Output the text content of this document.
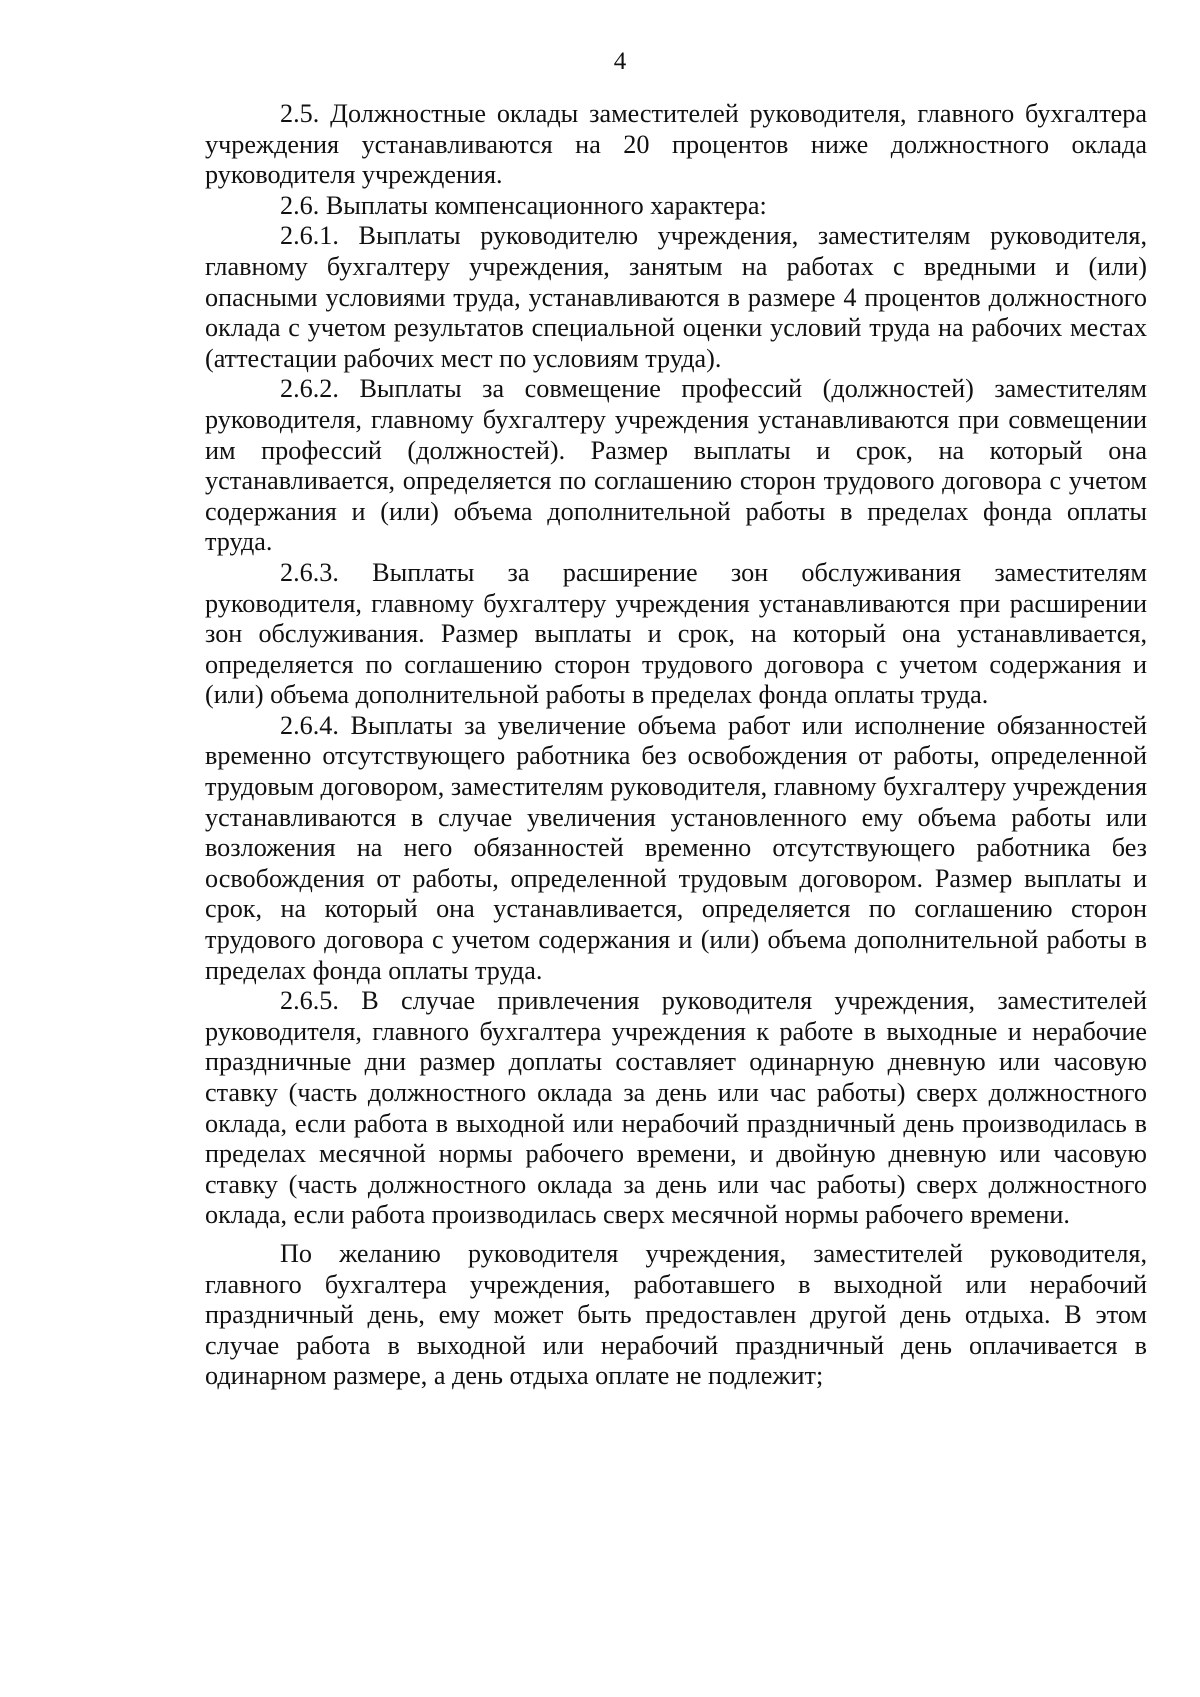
4

2.5. Должностные оклады заместителей руководителя, главного бухгалтера учреждения устанавливаются на 20 процентов ниже должностного оклада руководителя учреждения.

2.6. Выплаты компенсационного характера:

2.6.1. Выплаты руководителю учреждения, заместителям руководителя, главному бухгалтеру учреждения, занятым на работах с вредными и (или) опасными условиями труда, устанавливаются в размере 4 процентов должностного оклада с учетом результатов специальной оценки условий труда на рабочих местах (аттестации рабочих мест по условиям труда).

2.6.2. Выплаты за совмещение профессий (должностей) заместителям руководителя, главному бухгалтеру учреждения устанавливаются при совмещении им профессий (должностей). Размер выплаты и срок, на который она устанавливается, определяется по соглашению сторон трудового договора с учетом содержания и (или) объема дополнительной работы в пределах фонда оплаты труда.

2.6.3. Выплаты за расширение зон обслуживания заместителям руководителя, главному бухгалтеру учреждения устанавливаются при расширении зон обслуживания. Размер выплаты и срок, на который она устанавливается, определяется по соглашению сторон трудового договора с учетом содержания и (или) объема дополнительной работы в пределах фонда оплаты труда.

2.6.4. Выплаты за увеличение объема работ или исполнение обязанностей временно отсутствующего работника без освобождения от работы, определенной трудовым договором, заместителям руководителя, главному бухгалтеру учреждения устанавливаются в случае увеличения установленного ему объема работы или возложения на него обязанностей временно отсутствующего работника без освобождения от работы, определенной трудовым договором. Размер выплаты и срок, на который она устанавливается, определяется по соглашению сторон трудового договора с учетом содержания и (или) объема дополнительной работы в пределах фонда оплаты труда.

2.6.5. В случае привлечения руководителя учреждения, заместителей руководителя, главного бухгалтера учреждения к работе в выходные и нерабочие праздничные дни размер доплаты составляет одинарную дневную или часовую ставку (часть должностного оклада за день или час работы) сверх должностного оклада, если работа в выходной или нерабочий праздничный день производилась в пределах месячной нормы рабочего времени, и двойную дневную или часовую ставку (часть должностного оклада за день или час работы) сверх должностного оклада, если работа производилась сверх месячной нормы рабочего времени.

По желанию руководителя учреждения, заместителей руководителя, главного бухгалтера учреждения, работавшего в выходной или нерабочий праздничный день, ему может быть предоставлен другой день отдыха. В этом случае работа в выходной или нерабочий праздничный день оплачивается в одинарном размере, а день отдыха оплате не подлежит;
